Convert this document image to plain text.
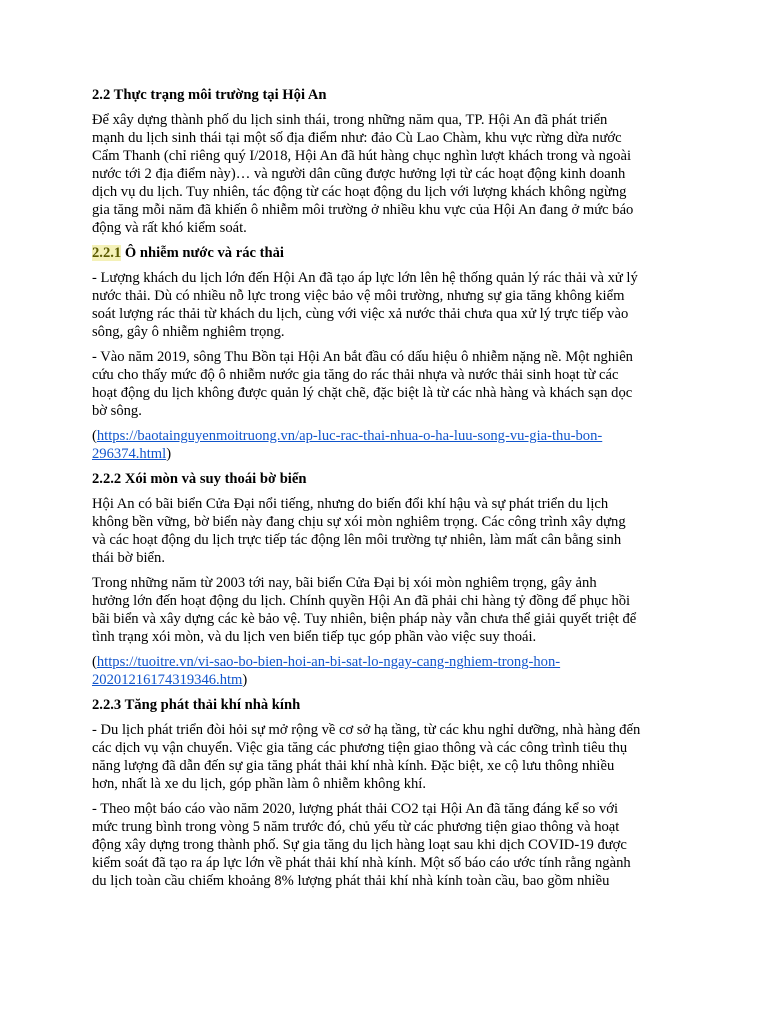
2.2 Thực trạng môi trường tại Hội An
Để xây dựng thành phố du lịch sinh thái, trong những năm qua, TP. Hội An đã phát triển
mạnh du lịch sinh thái tại một số địa điểm như: đảo Cù Lao Chàm, khu vực rừng dừa nước
Cẩm Thanh (chỉ riêng quý I/2018, Hội An đã hút hàng chục nghìn lượt khách trong và ngoài
nước tới 2 địa điểm này)… và người dân cũng được hưởng lợi từ các hoạt động kinh doanh
dịch vụ du lịch. Tuy nhiên, tác động từ các hoạt động du lịch với lượng khách không ngừng
gia tăng mỗi năm đã khiến ô nhiễm môi trường ở nhiều khu vực của Hội An đang ở mức báo
động và rất khó kiểm soát.
2.2.1 Ô nhiễm nước và rác thải
- Lượng khách du lịch lớn đến Hội An đã tạo áp lực lớn lên hệ thống quản lý rác thải và xử lý
nước thải. Dù có nhiều nỗ lực trong việc bảo vệ môi trường, nhưng sự gia tăng không kiểm
soát lượng rác thải từ khách du lịch, cùng với việc xả nước thải chưa qua xử lý trực tiếp vào
sông, gây ô nhiễm nghiêm trọng.
- Vào năm 2019, sông Thu Bồn tại Hội An bắt đầu có dấu hiệu ô nhiễm nặng nề. Một nghiên
cứu cho thấy mức độ ô nhiễm nước gia tăng do rác thải nhựa và nước thải sinh hoạt từ các
hoạt động du lịch không được quản lý chặt chẽ, đặc biệt là từ các nhà hàng và khách sạn dọc
bờ sông.
(https://baotainguyenmoitruong.vn/ap-luc-rac-thai-nhua-o-ha-luu-song-vu-gia-thu-bon-
296374.html)
2.2.2 Xói mòn và suy thoái bờ biển
Hội An có bãi biển Cửa Đại nổi tiếng, nhưng do biến đổi khí hậu và sự phát triển du lịch
không bền vững, bờ biển này đang chịu sự xói mòn nghiêm trọng. Các công trình xây dựng
và các hoạt động du lịch trực tiếp tác động lên môi trường tự nhiên, làm mất cân bằng sinh
thái bờ biển.
Trong những năm từ 2003 tới nay, bãi biển Cửa Đại bị xói mòn nghiêm trọng, gây ảnh
hưởng lớn đến hoạt động du lịch. Chính quyền Hội An đã phải chi hàng tỷ đồng để phục hồi
bãi biển và xây dựng các kè bảo vệ. Tuy nhiên, biện pháp này vẫn chưa thể giải quyết triệt để
tình trạng xói mòn, và du lịch ven biển tiếp tục góp phần vào việc suy thoái.
(https://tuoitre.vn/vi-sao-bo-bien-hoi-an-bi-sat-lo-ngay-cang-nghiem-trong-hon-
20201216174319346.htm)
2.2.3 Tăng phát thải khí nhà kính
- Du lịch phát triển đòi hỏi sự mở rộng về cơ sở hạ tầng, từ các khu nghỉ dưỡng, nhà hàng đến
các dịch vụ vận chuyển. Việc gia tăng các phương tiện giao thông và các công trình tiêu thụ
năng lượng đã dẫn đến sự gia tăng phát thải khí nhà kính. Đặc biệt, xe cộ lưu thông nhiều
hơn, nhất là xe du lịch, góp phần làm ô nhiễm không khí.
- Theo một báo cáo vào năm 2020, lượng phát thải CO2 tại Hội An đã tăng đáng kể so với
mức trung bình trong vòng 5 năm trước đó, chủ yếu từ các phương tiện giao thông và hoạt
động xây dựng trong thành phố. Sự gia tăng du lịch hàng loạt sau khi dịch COVID-19 được
kiểm soát đã tạo ra áp lực lớn về phát thải khí nhà kính. Một số báo cáo ước tính rằng ngành
du lịch toàn cầu chiếm khoảng 8% lượng phát thải khí nhà kính toàn cầu, bao gồm nhiều
